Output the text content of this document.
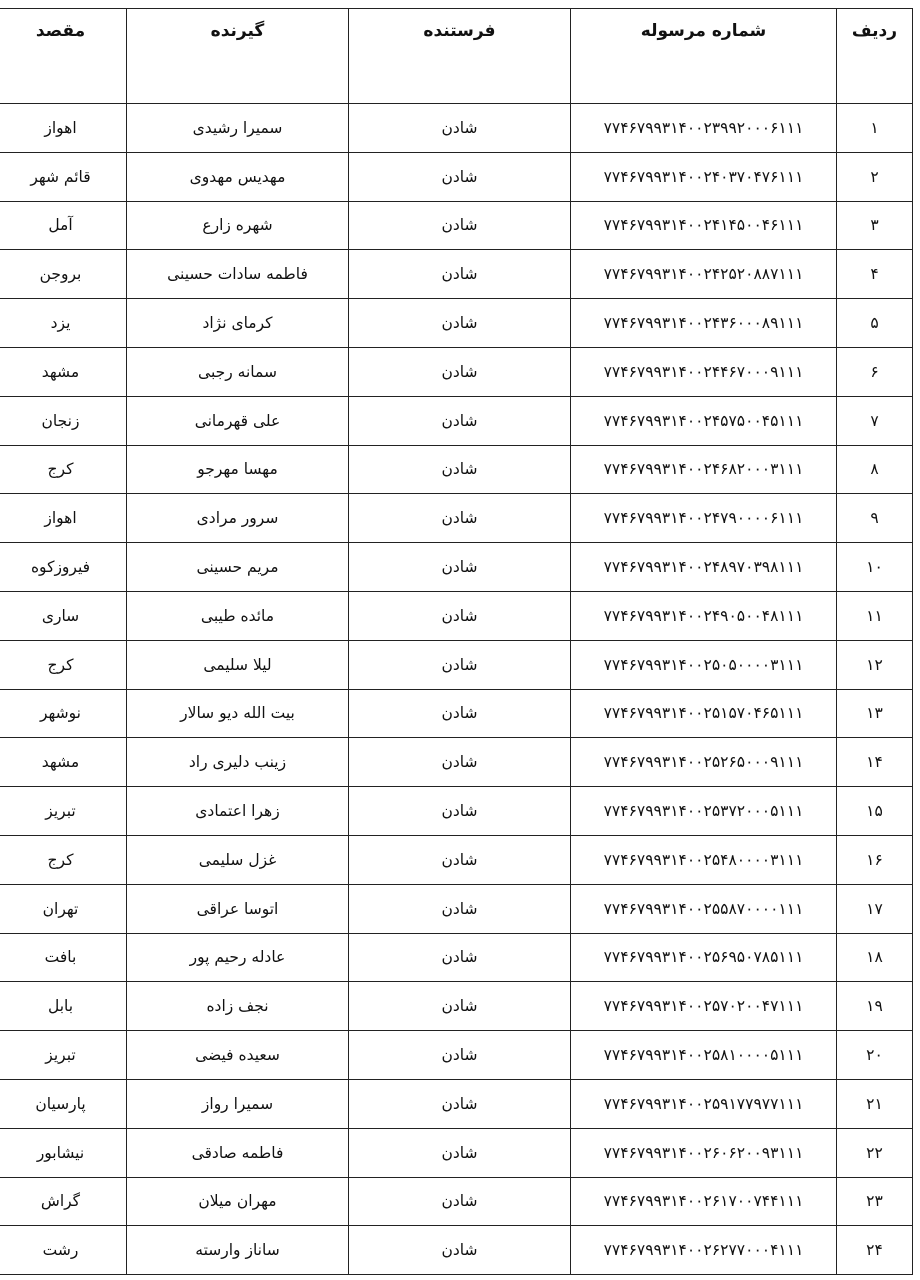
ردیف	شماره مرسوله	فرستنده	گیرنده	مقصد
۱	۷۷۴۶۷۹۹۳۱۴۰۰۲۳۹۹۲۰۰۰۶۱۱۱	شادن	سمیرا رشیدی	اهواز
۲	۷۷۴۶۷۹۹۳۱۴۰۰۲۴۰۳۷۰۴۷۶۱۱۱	شادن	مهدیس مهدوی	قائم شهر
۳	۷۷۴۶۷۹۹۳۱۴۰۰۲۴۱۴۵۰۰۴۶۱۱۱	شادن	شهره زارع	آمل
۴	۷۷۴۶۷۹۹۳۱۴۰۰۲۴۲۵۲۰۸۸۷۱۱۱	شادن	فاطمه سادات حسینی	بروجن
۵	۷۷۴۶۷۹۹۳۱۴۰۰۲۴۳۶۰۰۰۸۹۱۱۱	شادن	کرمای نژاد	یزد
۶	۷۷۴۶۷۹۹۳۱۴۰۰۲۴۴۶۷۰۰۰۹۱۱۱	شادن	سمانه رجبی	مشهد
۷	۷۷۴۶۷۹۹۳۱۴۰۰۲۴۵۷۵۰۰۴۵۱۱۱	شادن	علی قهرمانی	زنجان
۸	۷۷۴۶۷۹۹۳۱۴۰۰۲۴۶۸۲۰۰۰۳۱۱۱	شادن	مهسا مهرجو	کرج
۹	۷۷۴۶۷۹۹۳۱۴۰۰۲۴۷۹۰۰۰۰۶۱۱۱	شادن	سرور مرادی	اهواز
۱۰	۷۷۴۶۷۹۹۳۱۴۰۰۲۴۸۹۷۰۳۹۸۱۱۱	شادن	مریم حسینی	فیروزکوه
۱۱	۷۷۴۶۷۹۹۳۱۴۰۰۲۴۹۰۵۰۰۴۸۱۱۱	شادن	مائده طیبی	ساری
۱۲	۷۷۴۶۷۹۹۳۱۴۰۰۲۵۰۵۰۰۰۰۳۱۱۱	شادن	لیلا سلیمی	کرج
۱۳	۷۷۴۶۷۹۹۳۱۴۰۰۲۵۱۵۷۰۴۶۵۱۱۱	شادن	بیت الله دیو سالار	نوشهر
۱۴	۷۷۴۶۷۹۹۳۱۴۰۰۲۵۲۶۵۰۰۰۹۱۱۱	شادن	زینب دلیری راد	مشهد
۱۵	۷۷۴۶۷۹۹۳۱۴۰۰۲۵۳۷۲۰۰۰۵۱۱۱	شادن	زهرا اعتمادی	تبریز
۱۶	۷۷۴۶۷۹۹۳۱۴۰۰۲۵۴۸۰۰۰۰۳۱۱۱	شادن	غزل سلیمی	کرج
۱۷	۷۷۴۶۷۹۹۳۱۴۰۰۲۵۵۸۷۰۰۰۰۱۱۱	شادن	اتوسا عراقی	تهران
۱۸	۷۷۴۶۷۹۹۳۱۴۰۰۲۵۶۹۵۰۷۸۵۱۱۱	شادن	عادله رحیم پور	بافت
۱۹	۷۷۴۶۷۹۹۳۱۴۰۰۲۵۷۰۲۰۰۴۷۱۱۱	شادن	نجف زاده	بابل
۲۰	۷۷۴۶۷۹۹۳۱۴۰۰۲۵۸۱۰۰۰۰۵۱۱۱	شادن	سعیده فیضی	تبریز
۲۱	۷۷۴۶۷۹۹۳۱۴۰۰۲۵۹۱۷۷۹۷۷۱۱۱	شادن	سمیرا رواز	پارسیان
۲۲	۷۷۴۶۷۹۹۳۱۴۰۰۲۶۰۶۲۰۰۹۳۱۱۱	شادن	فاطمه صادقی	نیشابور
۲۳	۷۷۴۶۷۹۹۳۱۴۰۰۲۶۱۷۰۰۷۴۴۱۱۱	شادن	مهران میلان	گراش
۲۴	۷۷۴۶۷۹۹۳۱۴۰۰۲۶۲۷۷۰۰۰۴۱۱۱	شادن	ساناز وارسته	رشت
